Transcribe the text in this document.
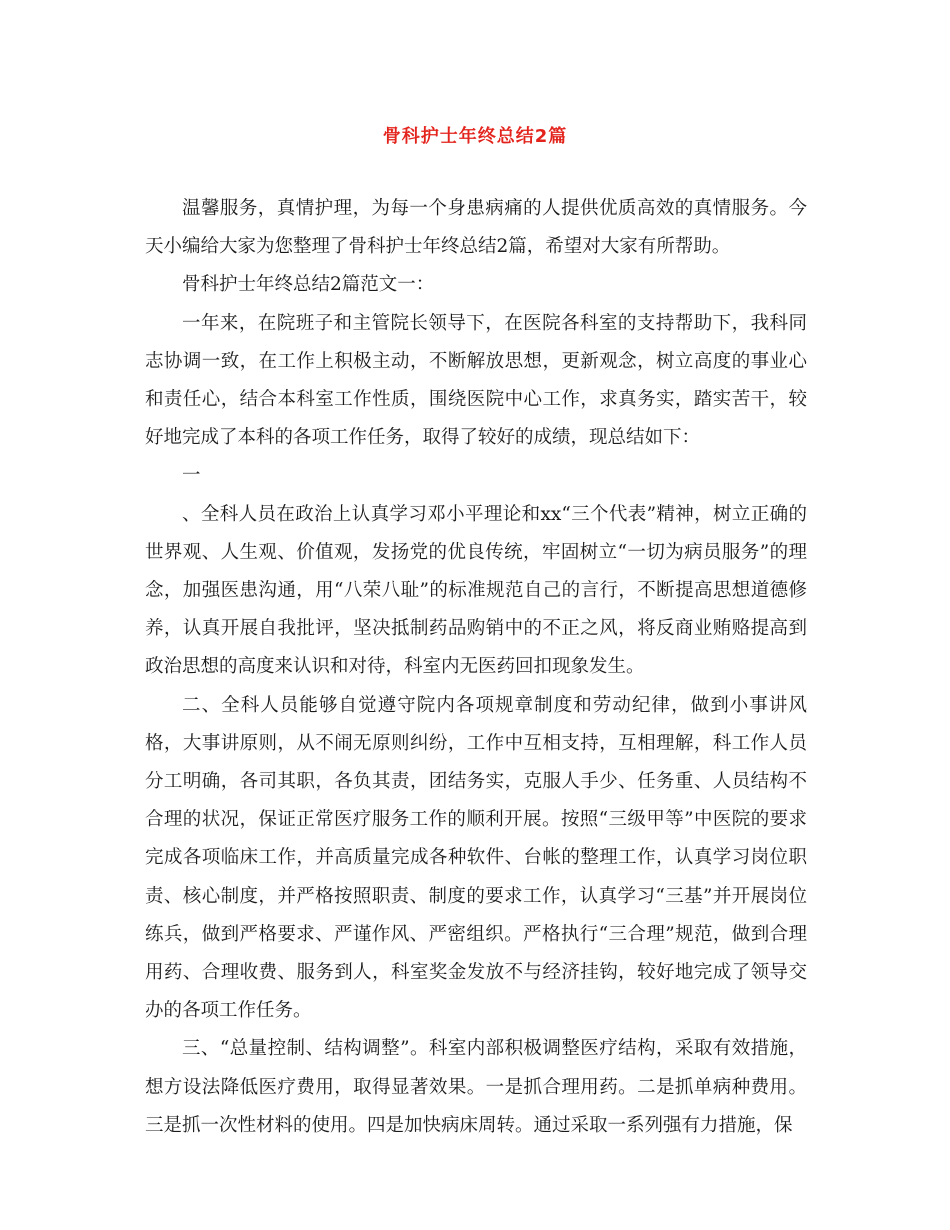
骨科护士年终总结2篇

温馨服务，真情护理，为每一个身患病痛的人提供优质高效的真情服务。今天小编给大家为您整理了骨科护士年终总结2篇，希望对大家有所帮助。

骨科护士年终总结2篇范文一：

一年来，在院班子和主管院长领导下，在医院各科室的支持帮助下，我科同志协调一致，在工作上积极主动，不断解放思想，更新观念，树立高度的事业心和责任心，结合本科室工作性质，围绕医院中心工作，求真务实，踏实苦干，较好地完成了本科的各项工作任务，取得了较好的成绩，现总结如下：

一

、全科人员在政治上认真学习邓小平理论和xx“三个代表”精神，树立正确的世界观、人生观、价值观，发扬党的优良传统，牢固树立“一切为病员服务”的理念，加强医患沟通，用“八荣八耻”的标准规范自己的言行，不断提高思想道德修养，认真开展自我批评，坚决抵制药品购销中的不正之风，将反商业贿赂提高到政治思想的高度来认识和对待，科室内无医药回扣现象发生。

二、全科人员能够自觉遵守院内各项规章制度和劳动纪律，做到小事讲风格，大事讲原则，从不闹无原则纠纷，工作中互相支持，互相理解，科工作人员分工明确，各司其职，各负其责，团结务实，克服人手少、任务重、人员结构不合理的状况，保证正常医疗服务工作的顺利开展。按照“三级甲等”中医院的要求完成各项临床工作，并高质量完成各种软件、台帐的整理工作，认真学习岗位职责、核心制度，并严格按照职责、制度的要求工作，认真学习“三基”并开展岗位练兵，做到严格要求、严谨作风、严密组织。严格执行“三合理”规范，做到合理用药、合理收费、服务到人，科室奖金发放不与经济挂钩，较好地完成了领导交办的各项工作任务。

三、“总量控制、结构调整”。科室内部积极调整医疗结构，采取有效措施，想方设法降低医疗费用，取得显著效果。一是抓合理用药。二是抓单病种费用。三是抓一次性材料的使用。四是加快病床周转。通过采取一系列强有力措施，保
